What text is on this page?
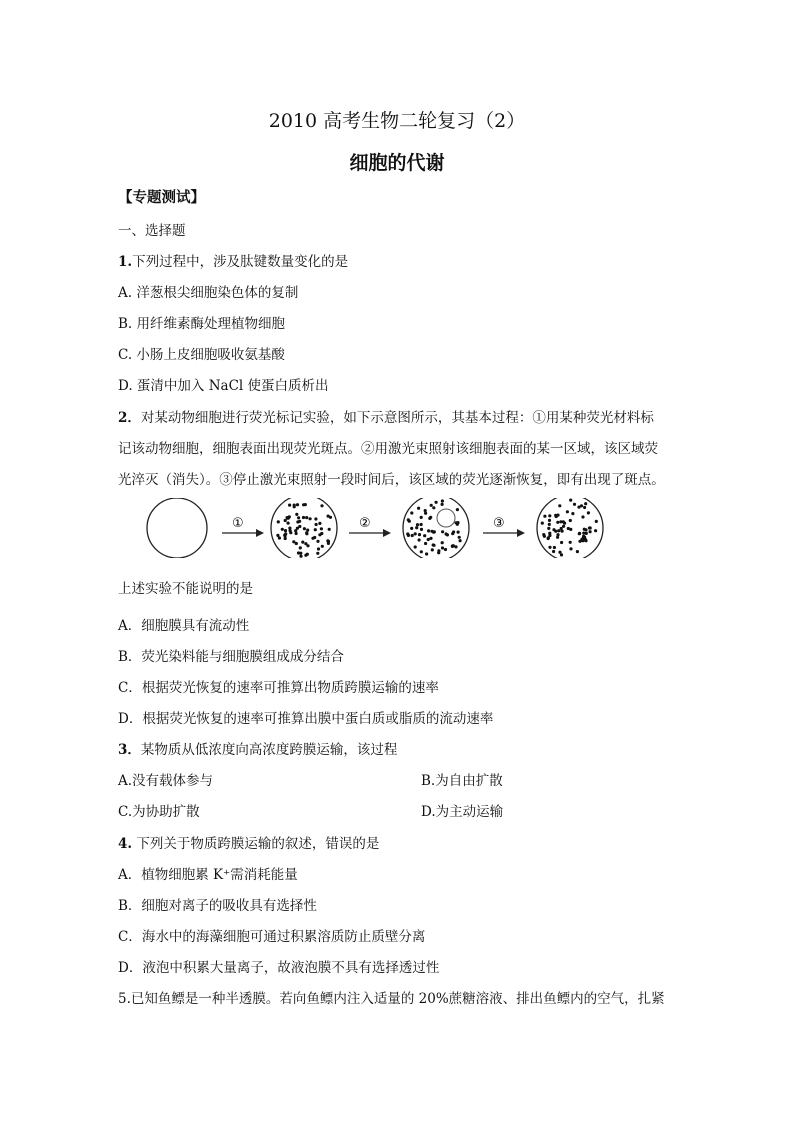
2010 高考生物二轮复习（2）
细胞的代谢
【专题测试】
一、选择题
1.下列过程中，涉及肽键数量变化的是
A. 洋葱根尖细胞染色体的复制
B. 用纤维素酶处理植物细胞
C. 小肠上皮细胞吸收氨基酸
D. 蛋清中加入 NaCl 使蛋白质析出
2．对某动物细胞进行荧光标记实验，如下示意图所示，其基本过程：①用某种荧光材料标
记该动物细胞，细胞表面出现荧光斑点。②用激光束照射该细胞表面的某一区域，该区域荧
光淬灭（消失）。③停止激光束照射一段时间后，该区域的荧光逐渐恢复，即有出现了斑点。
①	②	③
上述实验不能说明的是
A．细胞膜具有流动性
B．荧光染料能与细胞膜组成成分结合
C．根据荧光恢复的速率可推算出物质跨膜运输的速率
D．根据荧光恢复的速率可推算出膜中蛋白质或脂质的流动速率
3．某物质从低浓度向高浓度跨膜运输，该过程
A.没有载体参与	B.为自由扩散
C.为协助扩散	D.为主动运输
4. 下列关于物质跨膜运输的叙述，错误的是
A．植物细胞累 K⁺需消耗能量
B．细胞对离子的吸收具有选择性
C．海水中的海藻细胞可通过积累溶质防止质壁分离
D．液泡中积累大量离子，故液泡膜不具有选择透过性
5.已知鱼鳔是一种半透膜。若向鱼鳔内注入适量的 20%蔗糖溶液、排出鱼鳔内的空气，扎紧
